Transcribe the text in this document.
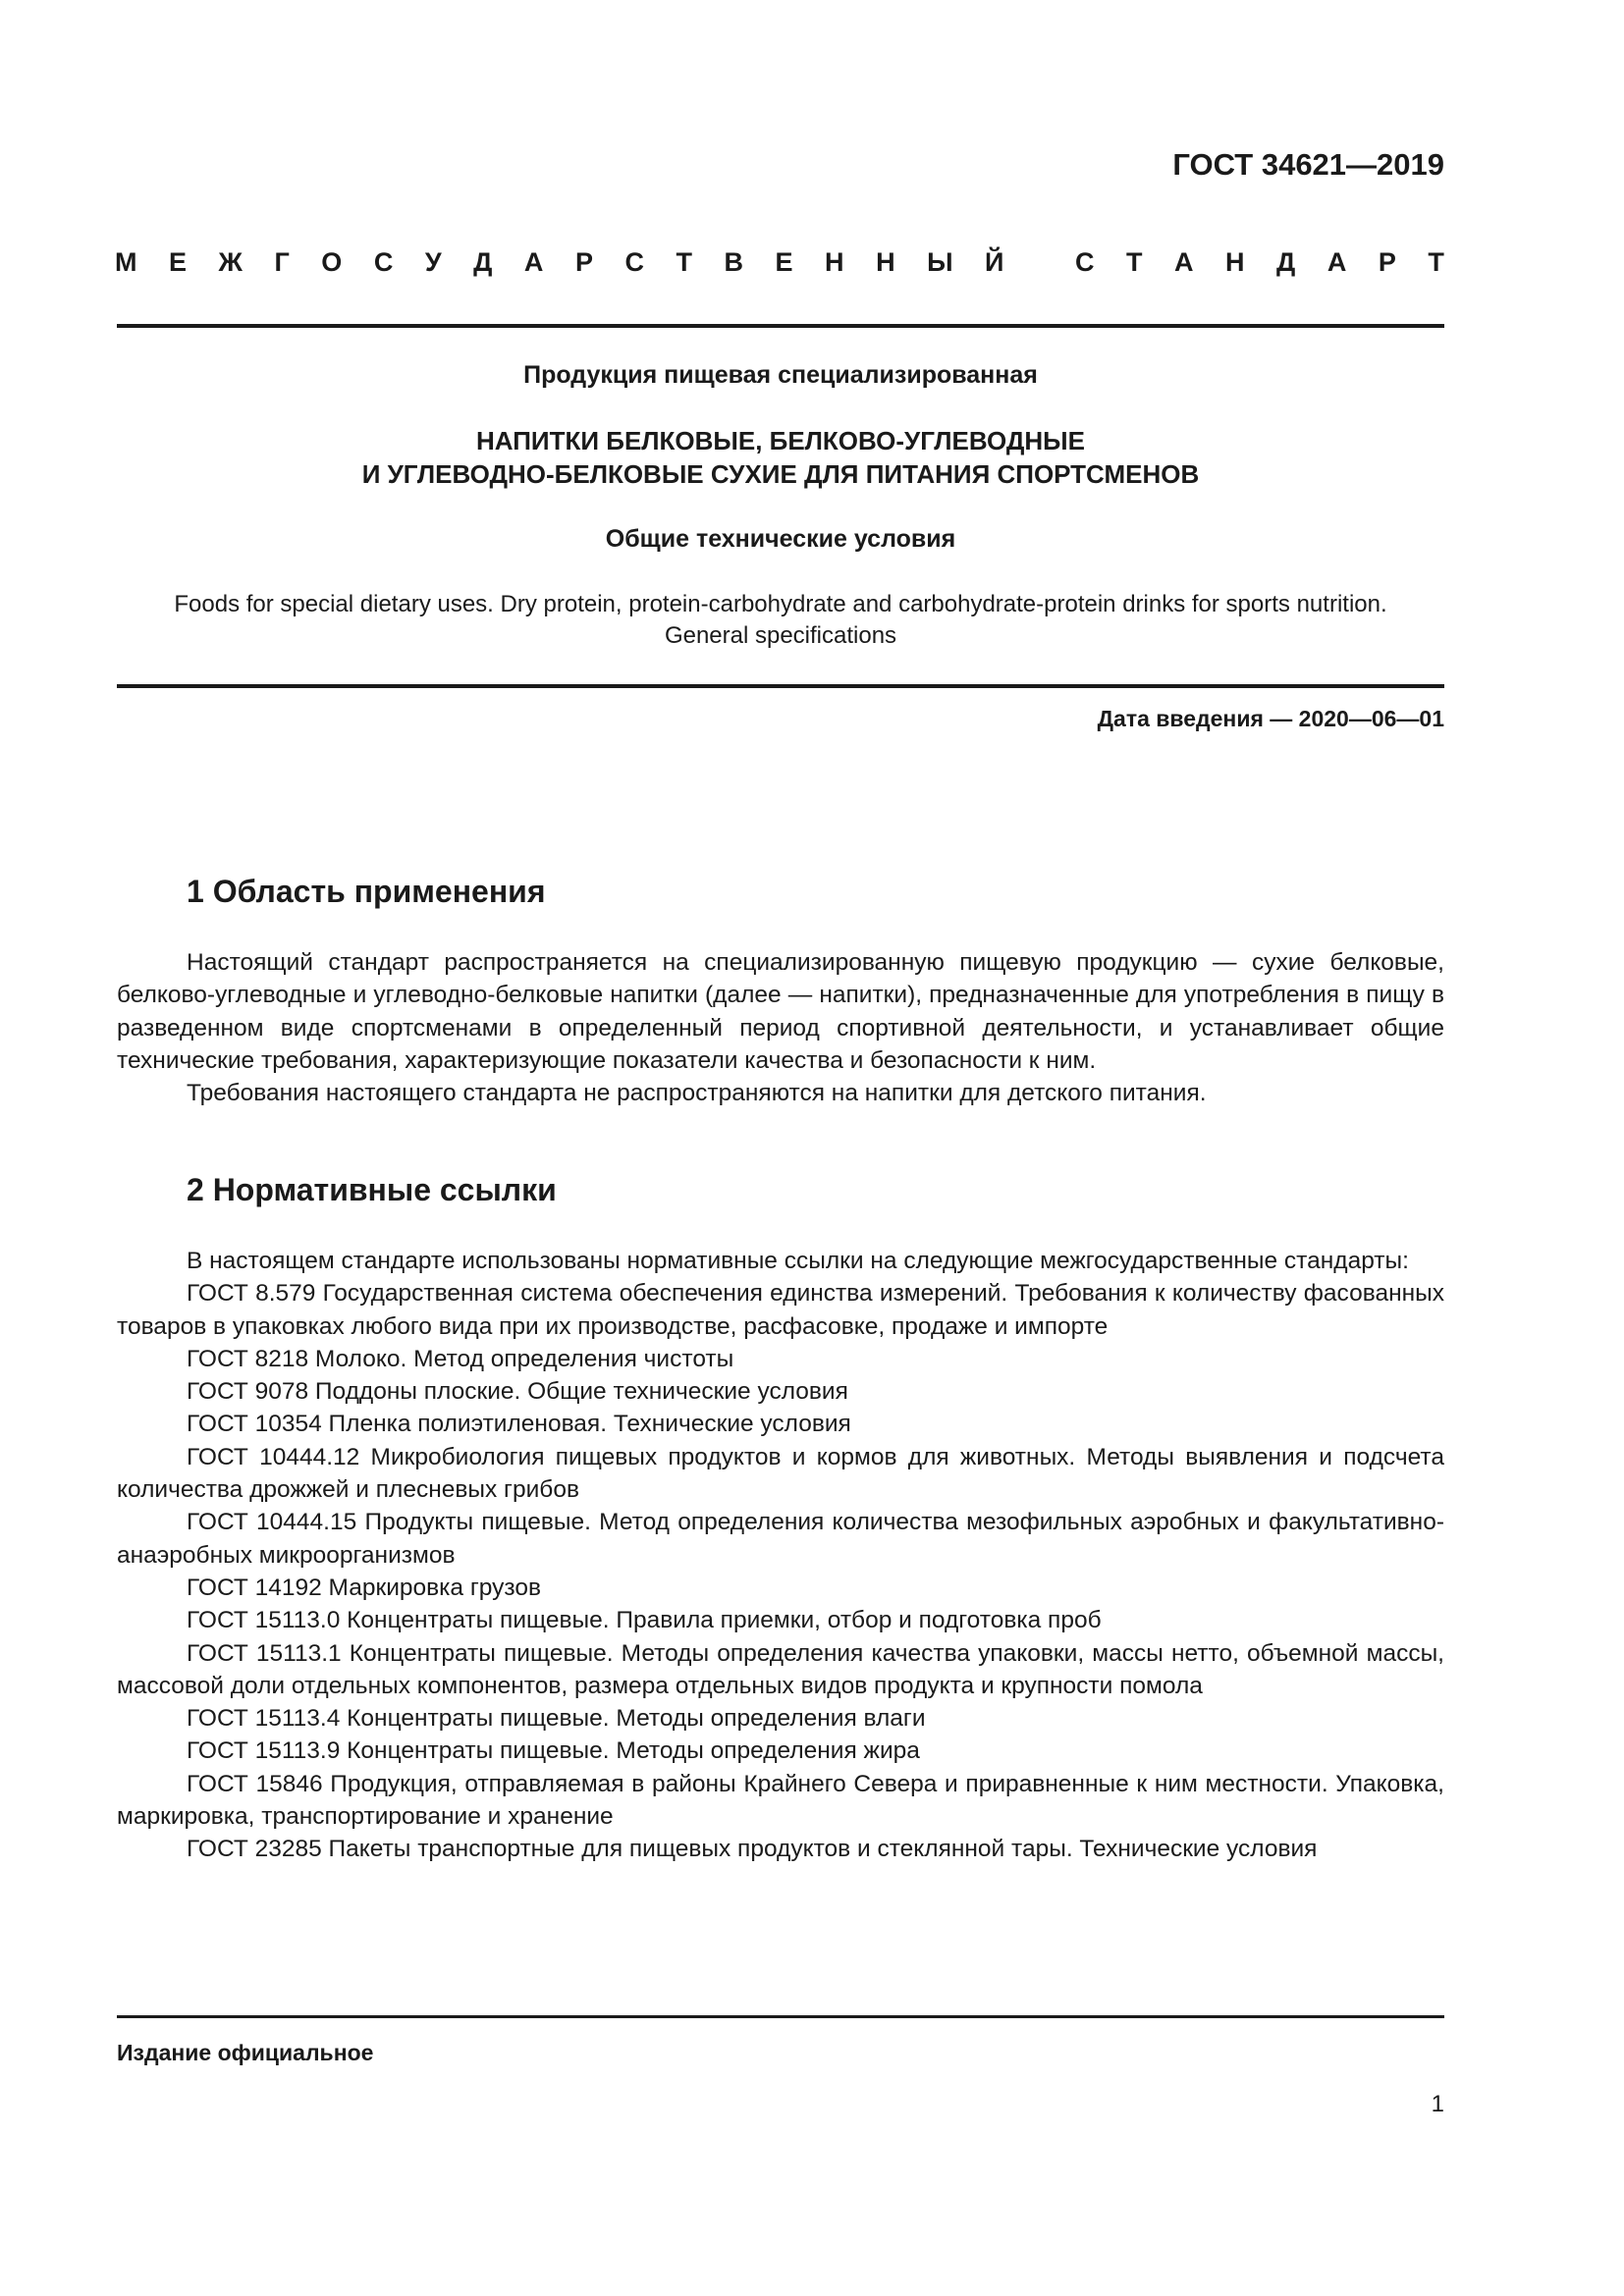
ГОСТ 34621—2019
М Е Ж Г О С У Д А Р С Т В Е Н Н Ы Й
	С Т А Н Д А Р Т
Продукция пищевая специализированная
НАПИТКИ БЕЛКОВЫЕ, БЕЛКОВО-УГЛЕВОДНЫЕ
И УГЛЕВОДНО-БЕЛКОВЫЕ СУХИЕ ДЛЯ ПИТАНИЯ СПОРТСМЕНОВ
Общие технические условия
Foods for special dietary uses. Dry protein, protein-carbohydrate and carbohydrate-protein drinks for sports nutrition.
General specifications
Дата введения — 2020—06—01
1 Область применения

Настоящий стандарт распространяется на специализированную пищевую продукцию — сухие белковые, белково-углеводные и углеводно-белковые напитки (далее — напитки), предназначенные для употребления в пищу в разведенном виде спортсменами в определенный период спортивной деятельности, и устанавливает общие технические требования, характеризующие показатели качества и безопасности к ним.

Требования настоящего стандарта не распространяются на напитки для детского питания.

2 Нормативные ссылки

В настоящем стандарте использованы нормативные ссылки на следующие межгосударственные стандарты:

ГОСТ 8.579 Государственная система обеспечения единства измерений. Требования к количеству фасованных товаров в упаковках любого вида при их производстве, расфасовке, продаже и импорте

ГОСТ 8218 Молоко. Метод определения чистоты

ГОСТ 9078 Поддоны плоские. Общие технические условия

ГОСТ 10354 Пленка полиэтиленовая. Технические условия

ГОСТ 10444.12 Микробиология пищевых продуктов и кормов для животных. Методы выявления и подсчета количества дрожжей и плесневых грибов

ГОСТ 10444.15 Продукты пищевые. Метод определения количества мезофильных аэробных и факультативно-анаэробных микроорганизмов

ГОСТ 14192 Маркировка грузов

ГОСТ 15113.0 Концентраты пищевые. Правила приемки, отбор и подготовка проб

ГОСТ 15113.1 Концентраты пищевые. Методы определения качества упаковки, массы нетто, объемной массы, массовой доли отдельных компонентов, размера отдельных видов продукта и крупности помола

ГОСТ 15113.4 Концентраты пищевые. Методы определения влаги

ГОСТ 15113.9 Концентраты пищевые. Методы определения жира

ГОСТ 15846 Продукция, отправляемая в районы Крайнего Севера и приравненные к ним местности. Упаковка, маркировка, транспортирование и хранение

ГОСТ 23285 Пакеты транспортные для пищевых продуктов и стеклянной тары. Технические условия

Издание официальное
1
